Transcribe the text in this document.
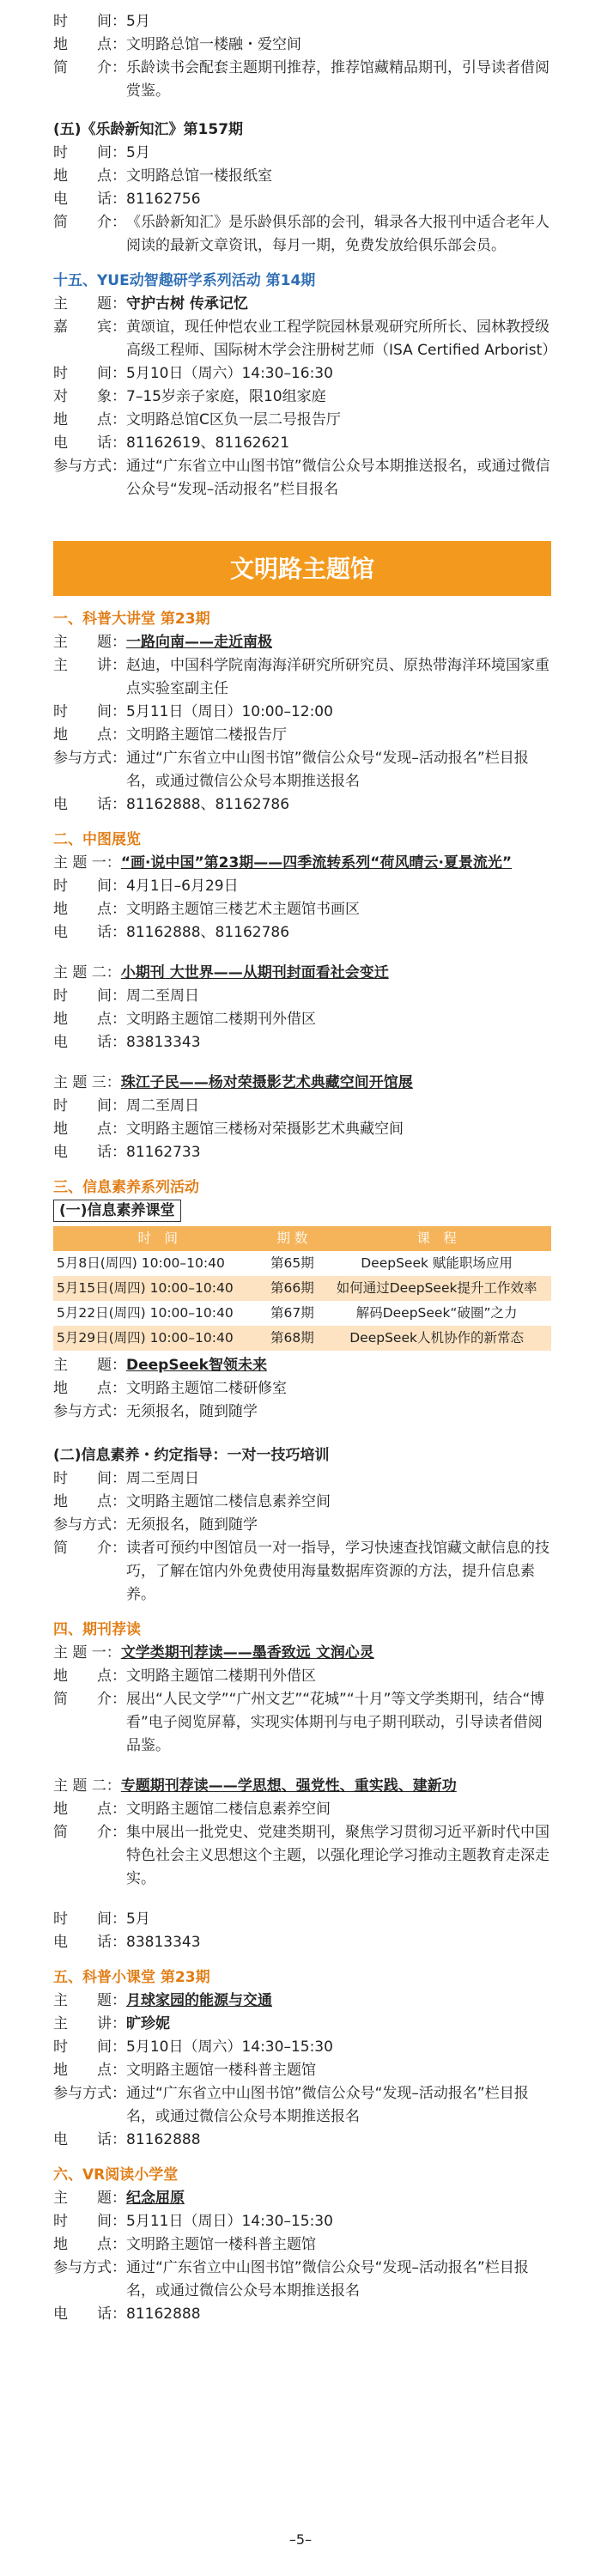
时　　间： 5月
地　　点： 文明路总馆一楼融・爱空间
简　　介： 乐龄读书会配套主题期刊推荐，推荐馆藏精品期刊，引导读者借阅赏鉴。
(五)《乐龄新知汇》第157期
时　　间： 5月
地　　点： 文明路总馆一楼报纸室
电　　话： 81162756
简　　介： 《乐龄新知汇》是乐龄俱乐部的会刊，辑录各大报刊中适合老年人阅读的最新文章资讯，每月一期，免费发放给俱乐部会员。
十五、YUE动智趣研学系列活动 第14期
主　　题： 守护古树 传承记忆
嘉　　宾： 黄颂谊，现任仲恺农业工程学院园林景观研究所所长、园林教授级高级工程师、国际树木学会注册树艺师（ISA Certified Arborist）
时　　间： 5月10日（周六）14:30–16:30
对　　象： 7–15岁亲子家庭，限10组家庭
地　　点： 文明路总馆C区负一层二号报告厅
电　　话： 81162619、81162621
参与方式： 通过“广东省立中山图书馆”微信公众号本期推送报名，或通过微信公众号“发现–活动报名”栏目报名
文明路主题馆
一、科普大讲堂 第23期
主　　题： 一路向南——走近南极
主　　讲： 赵迪，中国科学院南海海洋研究所研究员、原热带海洋环境国家重点实验室副主任
时　　间： 5月11日（周日）10:00–12:00
地　　点： 文明路主题馆二楼报告厅
参与方式： 通过“广东省立中山图书馆”微信公众号“发现–活动报名”栏目报名，或通过微信公众号本期推送报名
电　　话： 81162888、81162786
二、中图展览
主 题 一： “画·说中国”第23期——四季流转系列“荷风晴云·夏景流光”
时　　间： 4月1日–6月29日
地　　点： 文明路主题馆三楼艺术主题馆书画区
电　　话： 81162888、81162786
主 题 二： 小期刊 大世界——从期刊封面看社会变迁
时　　间： 周二至周日
地　　点： 文明路主题馆二楼期刊外借区
电　　话： 83813343
主 题 三： 珠江子民——杨对荣摄影艺术典藏空间开馆展
时　　间： 周二至周日
地　　点： 文明路主题馆三楼杨对荣摄影艺术典藏空间
电　　话： 81162733
三、信息素养系列活动
(一)信息素养课堂
时　间	期 数	课　程
5月8日(周四) 10:00–10:40	第65期	DeepSeek 赋能职场应用
5月15日(周四) 10:00–10:40	第66期	如何通过DeepSeek提升工作效率
5月22日(周四) 10:00–10:40	第67期	解码DeepSeek“破圈”之力
5月29日(周四) 10:00–10:40	第68期	DeepSeek人机协作的新常态
主　　题： DeepSeek智领未来
地　　点： 文明路主题馆二楼研修室
参与方式： 无须报名，随到随学
(二)信息素养・约定指导：一对一技巧培训
时　　间： 周二至周日
地　　点： 文明路主题馆二楼信息素养空间
参与方式： 无须报名，随到随学
简　　介： 读者可预约中图馆员一对一指导，学习快速查找馆藏文献信息的技巧，了解在馆内外免费使用海量数据库资源的方法，提升信息素养。
四、期刊荐读
主 题 一： 文学类期刊荐读——墨香致远 文润心灵
地　　点： 文明路主题馆二楼期刊外借区
简　　介： 展出“人民文学”“广州文艺”“花城”“十月”等文学类期刊，结合“博看”电子阅览屏幕，实现实体期刊与电子期刊联动，引导读者借阅品鉴。
主 题 二： 专题期刊荐读——学思想、强党性、重实践、建新功
地　　点： 文明路主题馆二楼信息素养空间
简　　介： 集中展出一批党史、党建类期刊，聚焦学习贯彻习近平新时代中国特色社会主义思想这个主题，以强化理论学习推动主题教育走深走实。
时　　间： 5月
电　　话： 83813343
五、科普小课堂 第23期
主　　题： 月球家园的能源与交通
主　　讲： 旷珍妮
时　　间： 5月10日（周六）14:30–15:30
地　　点： 文明路主题馆一楼科普主题馆
参与方式： 通过“广东省立中山图书馆”微信公众号“发现–活动报名”栏目报名，或通过微信公众号本期推送报名
电　　话： 81162888
六、VR阅读小学堂
主　　题： 纪念屈原
时　　间： 5月11日（周日）14:30–15:30
地　　点： 文明路主题馆一楼科普主题馆
参与方式： 通过“广东省立中山图书馆”微信公众号“发现–活动报名”栏目报名，或通过微信公众号本期推送报名
电　　话： 81162888
–5–
